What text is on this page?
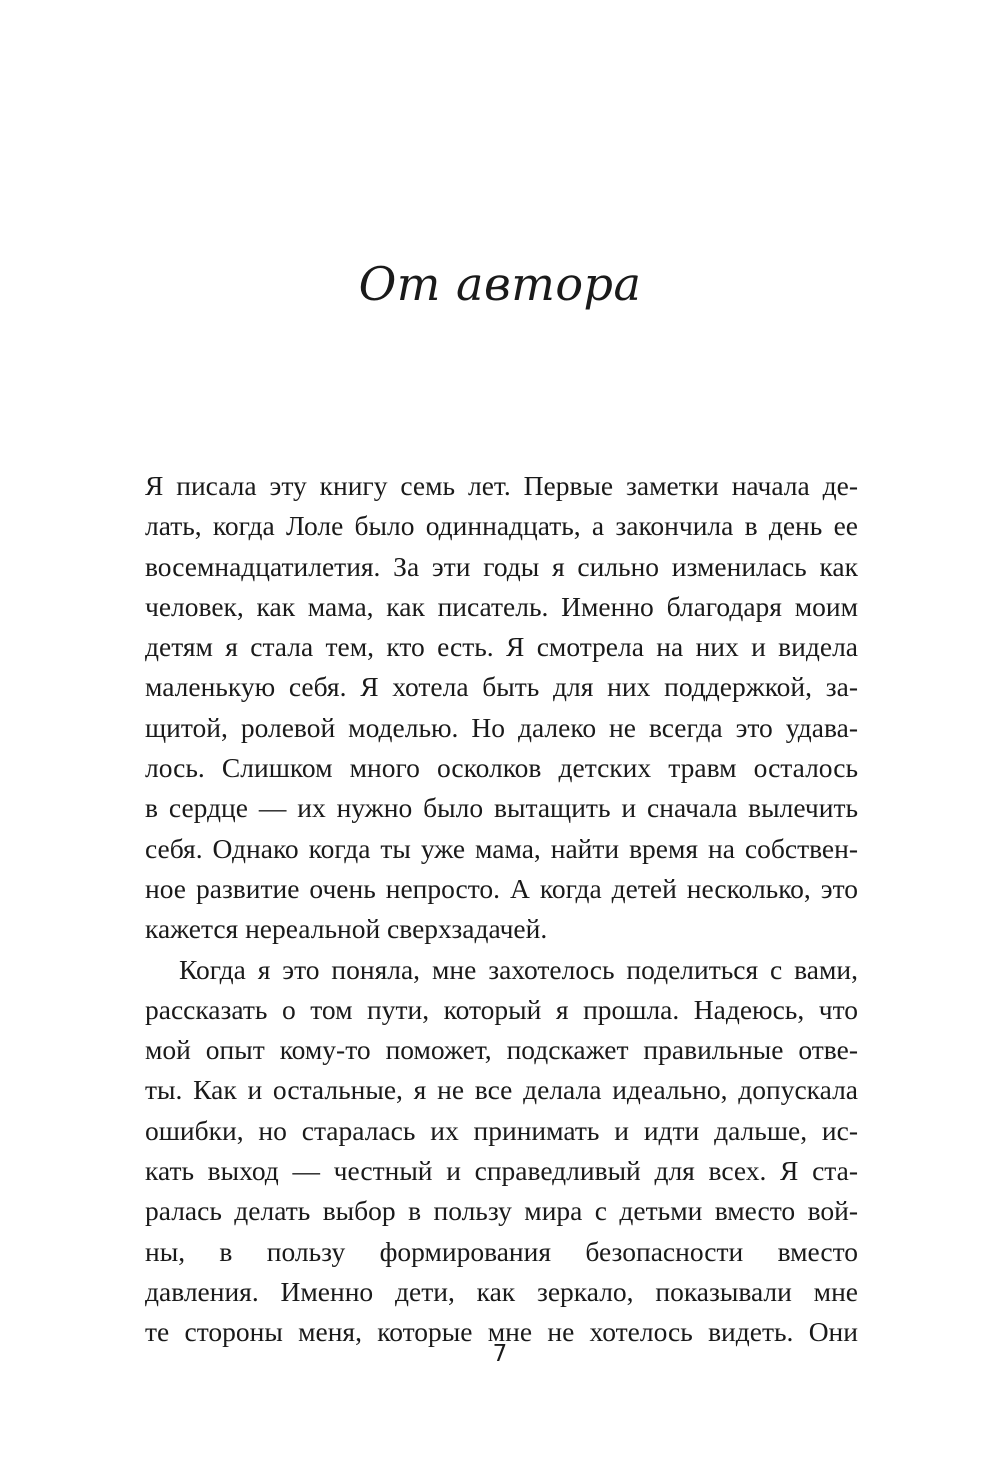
От автора
Я писала эту книгу семь лет. Первые заметки начала де-
лать, когда Лоле было одиннадцать, а закончила в день ее
восемнадцатилетия. За эти годы я сильно изменилась как
человек, как мама, как писатель. Именно благодаря моим
детям я стала тем, кто есть. Я смотрела на них и видела
маленькую себя. Я хотела быть для них поддержкой, за-
щитой, ролевой моделью. Но далеко не всегда это удава-
лось. Слишком много осколков детских травм осталось
в сердце — их нужно было вытащить и сначала вылечить
себя. Однако когда ты уже мама, найти время на собствен-
ное развитие очень непросто. А когда детей несколько, это
кажется нереальной сверхзадачей.
Когда я это поняла, мне захотелось поделиться с вами,
рассказать о том пути, который я прошла. Надеюсь, что
мой опыт кому-то поможет, подскажет правильные отве-
ты. Как и остальные, я не все делала идеально, допускала
ошибки, но старалась их принимать и идти дальше, ис-
кать выход — честный и справедливый для всех. Я ста-
ралась делать выбор в пользу мира с детьми вместо вой-
ны, в пользу формирования безопасности вместо
давления. Именно дети, как зеркало, показывали мне
те стороны меня, которые мне не хотелось видеть. Они
7
